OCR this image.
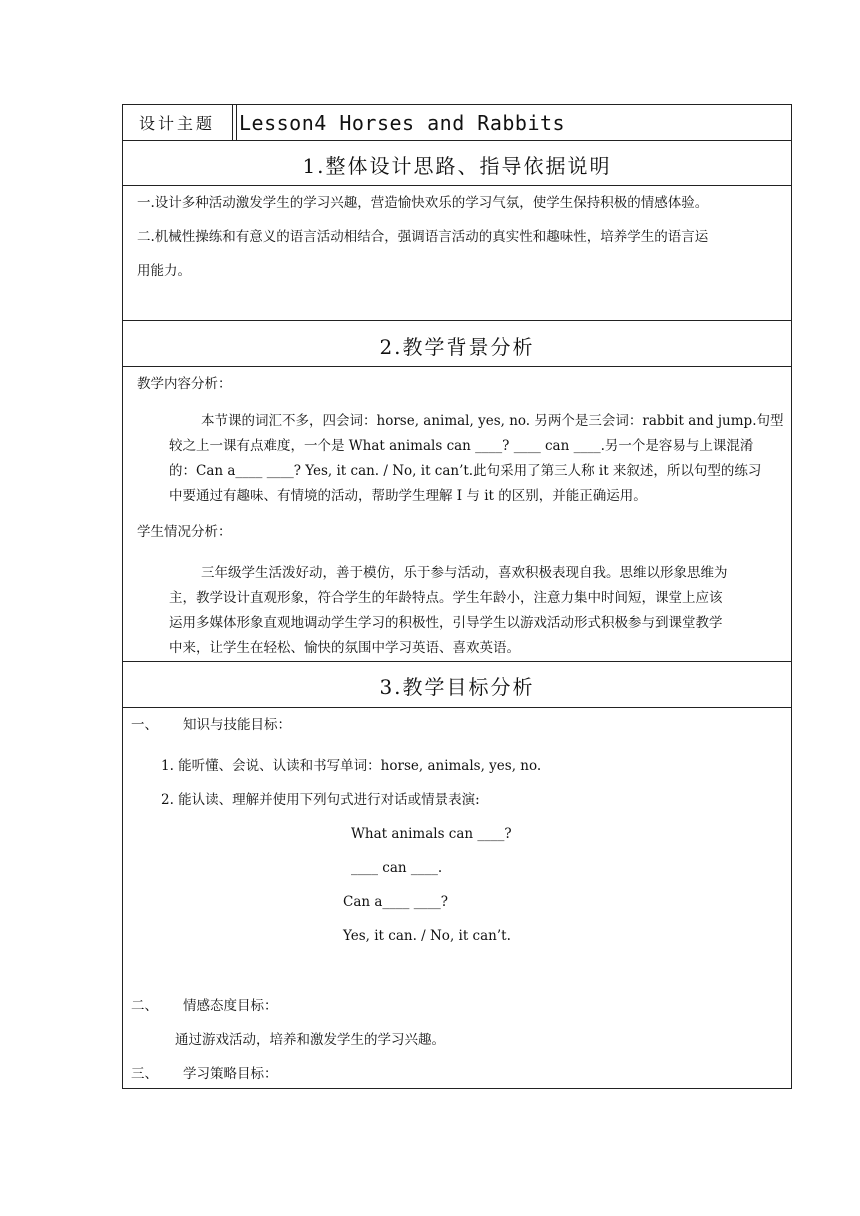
设计主题	Lesson4 Horses and Rabbits
1.整体设计思路、指导依据说明
一.设计多种活动激发学生的学习兴趣，营造愉快欢乐的学习气氛，使学生保持积极的情感体验。
二.机械性操练和有意义的语言活动相结合，强调语言活动的真实性和趣味性，培养学生的语言运
用能力。
2.教学背景分析
教学内容分析：
本节课的词汇不多，四会词：horse, animal, yes, no. 另两个是三会词：rabbit and jump.句型
较之上一课有点难度，一个是 What animals can ____? ____ can ____.另一个是容易与上课混淆
的：Can a____ ____? Yes, it can. / No, it can’t.此句采用了第三人称 it 来叙述，所以句型的练习
中要通过有趣味、有情境的活动，帮助学生理解 I 与 it 的区别，并能正确运用。
学生情况分析：
三年级学生活泼好动，善于模仿，乐于参与活动，喜欢积极表现自我。思维以形象思维为
主，教学设计直观形象，符合学生的年龄特点。学生年龄小，注意力集中时间短，课堂上应该
运用多媒体形象直观地调动学生学习的积极性，引导学生以游戏活动形式积极参与到课堂教学
中来，让学生在轻松、愉快的氛围中学习英语、喜欢英语。
3.教学目标分析
一、 知识与技能目标：
1. 能听懂、会说、认读和书写单词：horse, animals, yes, no.
2. 能认读、理解并使用下列句式进行对话或情景表演:
What animals can ____?
____ can ____.
Can a____ ____?
Yes, it can. / No, it can’t.
二、 情感态度目标：
通过游戏活动，培养和激发学生的学习兴趣。
三、 学习策略目标：
